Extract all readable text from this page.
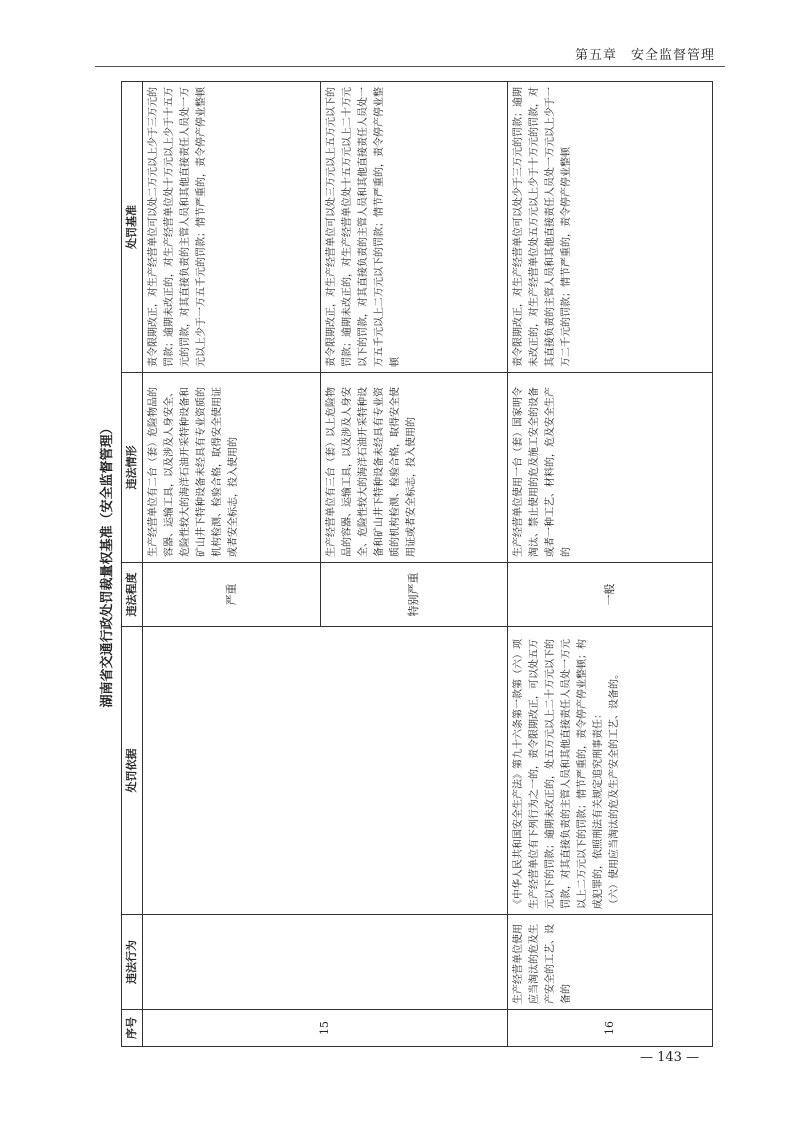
第五章　安全监督管理
湖南省交通行政处罚裁量权基准（安全监督管理）
序号	违法行为	处罚依据	违法程度	违法情形	处罚基准
15			严重	生产经营单位有二台（套）危险物品的容器、运输工具，以及涉及人身安全、危险性较大的海洋石油开采特种设备和矿山井下特种设备未经具有专业资质的机构检测、检验合格，取得安全使用证或者安全标志，投入使用的	责令限期改正，对生产经营单位可以处二万元以上少于三万元的罚款；逾期未改正的，对生产经营单位处十万元以上少于十五万元的罚款，对其直接负责的主管人员和其他直接责任人员处一万元以上少于一万五千元的罚款；情节严重的，责令停产停业整顿
			特别严重	生产经营单位有三台（套）以上危险物品的容器、运输工具，以及涉及人身安全、危险性较大的海洋石油开采特种设备和矿山井下特种设备未经具有专业资质的机构检测、检验合格，取得安全使用证或者安全标志，投入使用的	责令限期改正，对生产经营单位可以处三万元以上五万元以下的罚款；逾期未改正的，对生产经营单位处十五万元以上二十万元以下的罚款，对其直接负责的主管人员和其他直接责任人员处一万五千元以上二万元以下的罚款；情节严重的，责令停产停业整顿
16	生产经营单位使用应当淘汰的危及生产安全的工艺、设备的	《中华人民共和国安全生产法》第九十六条第一款第（六）项 生产经营单位有下列行为之一的，责令限期改正，可以处五万元以下的罚款；逾期未改正的，处五万元以上二十万元以下的罚款，对其直接负责的主管人员和其他直接责任人员处一万元以上二万元以下的罚款；情节严重的，责令停产停业整顿；构成犯罪的，依照刑法有关规定追究刑事责任： （六）使用应当淘汰的危及生产安全的工艺、设备的。	一般	生产经营单位使用一台（套）国家明令淘汰、禁止使用的危及施工安全的设备或者一种工艺、材料的，危及安全生产的	责令限期改正，对生产经营单位可以处少于三万元的罚款；逾期未改正的，对生产经营单位处五万元以上少于十万元的罚款，对其直接负责的主管人员和其他直接责任人员处一万元以上少于一万二千元的罚款；情节严重的，责令停产停业整顿
— 143 —
